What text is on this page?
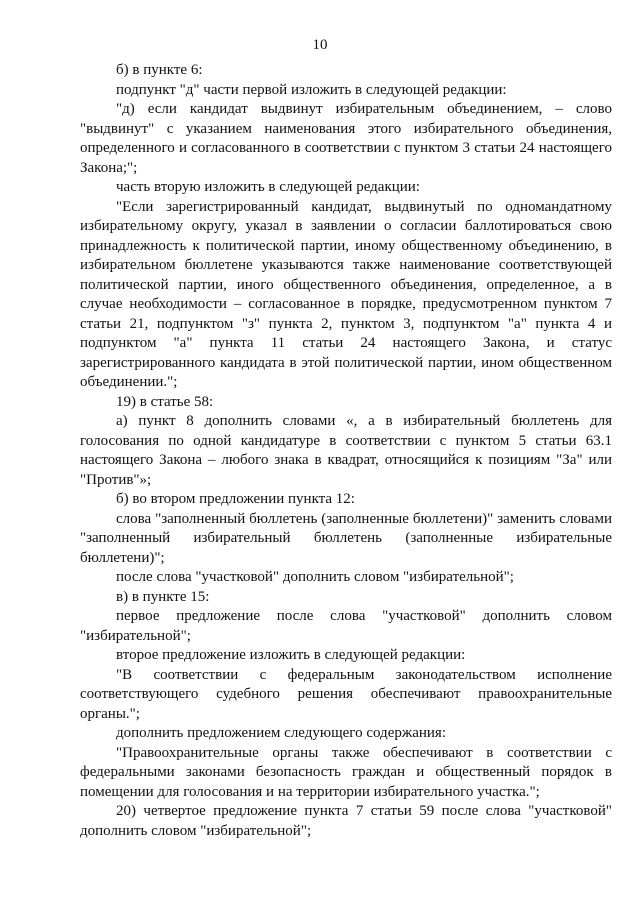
10

б) в пункте 6:

подпункт "д" части первой изложить в следующей редакции:

"д) если кандидат выдвинут избирательным объединением, – слово "выдвинут" с указанием наименования этого избирательного объединения, определенного и согласованного в соответствии с пунктом 3 статьи 24 настоящего Закона;";

часть вторую изложить в следующей редакции:

"Если зарегистрированный кандидат, выдвинутый по одномандатному избирательному округу, указал в заявлении о согласии баллотироваться свою принадлежность к политической партии, иному общественному объединению, в избирательном бюллетене указываются также наименование соответствующей политической партии, иного общественного объединения, определенное, а в случае необходимости – согласованное в порядке, предусмотренном пунктом 7 статьи 21, подпунктом "з" пункта 2, пунктом 3, подпунктом "а" пункта 4 и подпунктом "а" пункта 11 статьи 24 настоящего Закона, и статус зарегистрированного кандидата в этой политической партии, ином общественном объединении.";

19) в статье 58:

а) пункт 8 дополнить словами «, а в избирательный бюллетень для голосования по одной кандидатуре в соответствии с пунктом 5 статьи 63.1 настоящего Закона – любого знака в квадрат, относящийся к позициям "За" или "Против"»;

б) во втором предложении пункта 12:

слова "заполненный бюллетень (заполненные бюллетени)" заменить словами "заполненный избирательный бюллетень (заполненные избирательные бюллетени)";

после слова "участковой" дополнить словом "избирательной";

в) в пункте 15:

первое предложение после слова "участковой" дополнить словом "избирательной";

второе предложение изложить в следующей редакции:

"В соответствии с федеральным законодательством исполнение соответствующего судебного решения обеспечивают правоохранительные органы.";

дополнить предложением следующего содержания:

"Правоохранительные органы также обеспечивают в соответствии с федеральными законами безопасность граждан и общественный порядок в помещении для голосования и на территории избирательного участка.";

20) четвертое предложение пункта 7 статьи 59 после слова "участковой" дополнить словом "избирательной";
